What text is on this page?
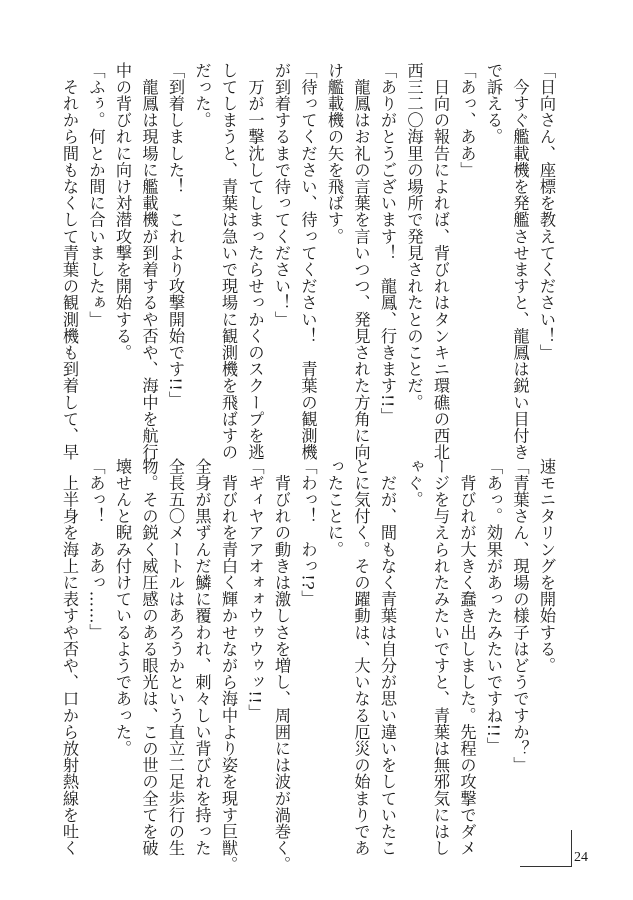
「日向さん、座標を教えてください！」
　今すぐ艦載機を発艦させますと、龍鳳は鋭い目付き
で訴える。
「あっ、ああ」
　日向の報告によれば、背びれはタンキニ環礁の西北
西三二〇海里の場所で発見されたとのことだ。
「ありがとうございます！　龍鳳、行きます!!」
　龍鳳はお礼の言葉を言いつつ、発見された方角に向
け艦載機の矢を飛ばす。
「待ってください、待ってください！　青葉の観測機
が到着するまで待ってください！」
　万が一撃沈してしまったらせっかくのスクープを逃
してしまうと、青葉は急いで現場に観測機を飛ばすの
だった。
「到着しました！　これより攻撃開始です!!」
　龍鳳は現場に艦載機が到着するや否や、海中を航行
中の背びれに向け対潜攻撃を開始する。
「ふぅ。何とか間に合いましたぁ」
　それから間もなくして青葉の観測機も到着して、早
速モニタリングを開始する。
「青葉さん、現場の様子はどうですか？」
「あっ。効果があったみたいですね!!」
　背びれが大きく蠢き出しました。先程の攻撃でダメ
ージを与えられたみたいですと、青葉は無邪気にはし
ゃぐ。
　だが、間もなく青葉は自分が思い違いをしていたこ
とに気付く。その躍動は、大いなる厄災の始まりであ
ったことに。
「わっ！　わっ!?」
　背びれの動きは激しさを増し、周囲には波が渦巻く。
「ギィヤアアオォォウゥウゥッ!!」
　背びれを青白く輝かせながら海中より姿を現す巨獣。
全身が黒ずんだ鱗に覆われ、刺々しい背びれを持った
全長五〇メートルはあろうかという直立二足歩行の生
物。その鋭く威圧感のある眼光は、この世の全てを破
壊せんと睨み付けているようであった。
「あっ！　ああっ……」
　上半身を海上に表すや否や、口から放射熱線を吐く
24
